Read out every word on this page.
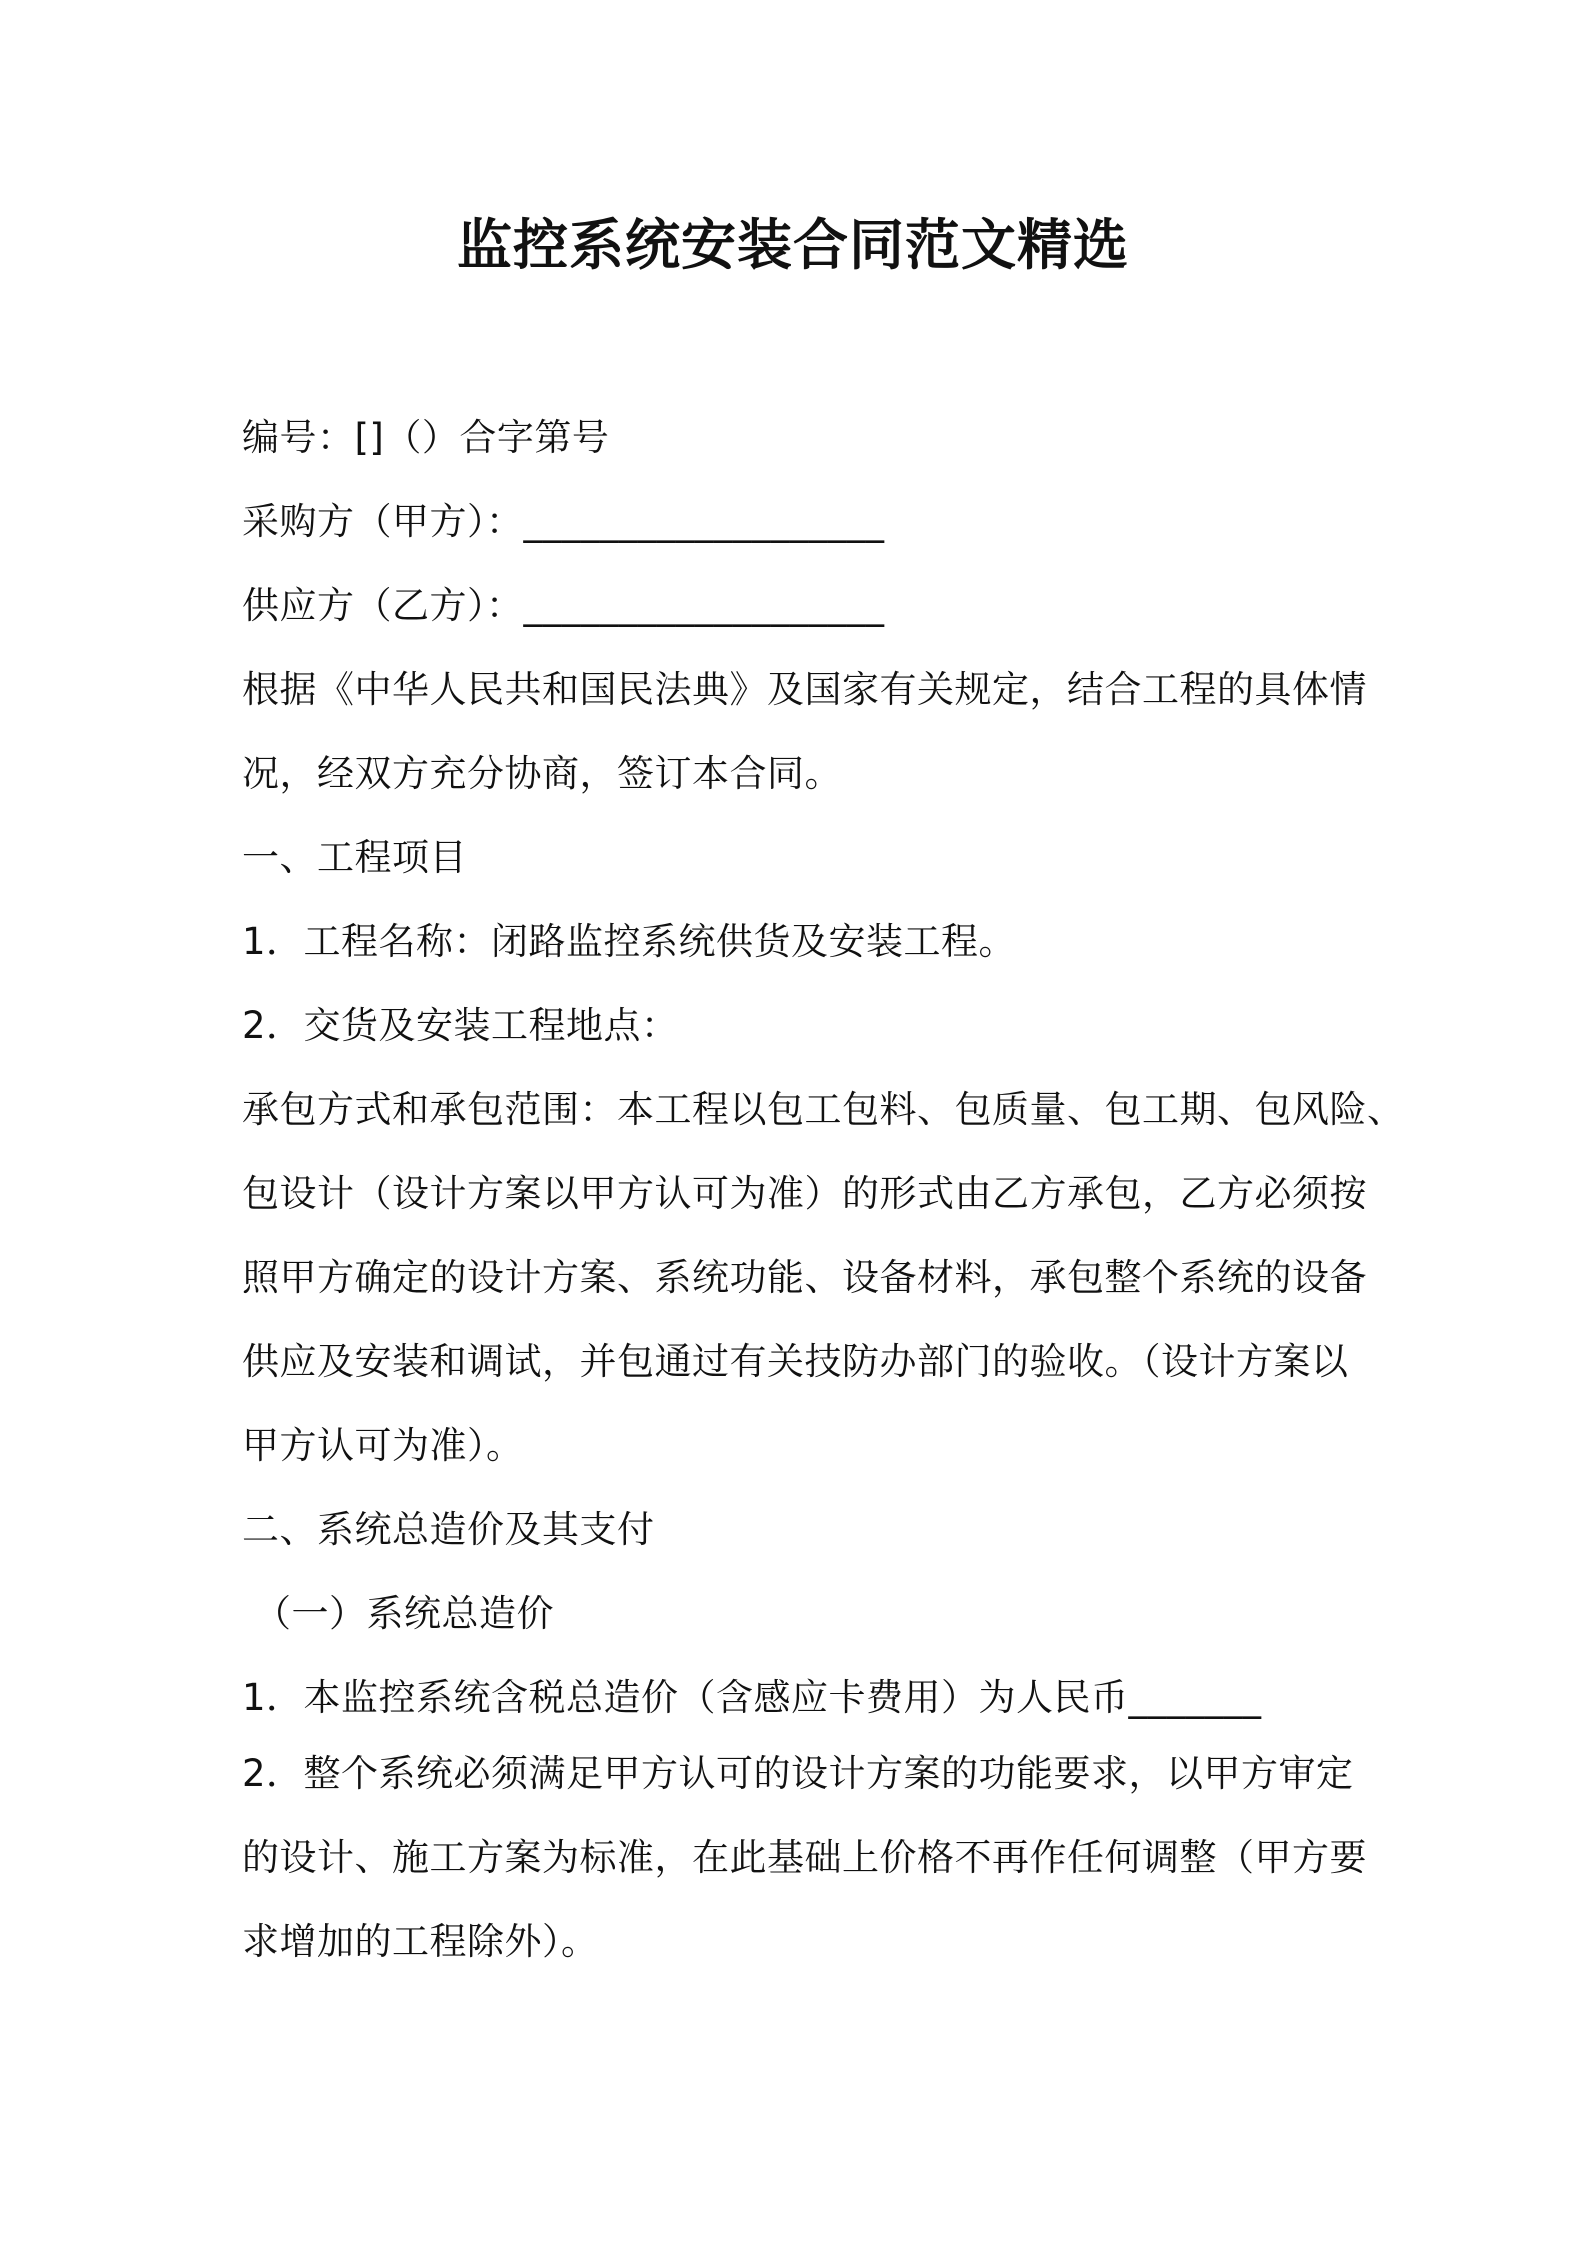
监控系统安装合同范文精选
编号：[]（）合字第号
采购方（甲方）：___________________
供应方（乙方）：___________________
根据《中华人民共和国民法典》及国家有关规定，结合工程的具体情
况，经双方充分协商，签订本合同。
一、工程项目
1．工程名称：闭路监控系统供货及安装工程。
2．交货及安装工程地点：
承包方式和承包范围：本工程以包工包料、包质量、包工期、包风险、
包设计（设计方案以甲方认可为准）的形式由乙方承包，乙方必须按
照甲方确定的设计方案、系统功能、设备材料，承包整个系统的设备
供应及安装和调试，并包通过有关技防办部门的验收。（设计方案以
甲方认可为准）。
二、系统总造价及其支付
（一）系统总造价
1．本监控系统含税总造价（含感应卡费用）为人民币_______
2．整个系统必须满足甲方认可的设计方案的功能要求，以甲方审定
的设计、施工方案为标准，在此基础上价格不再作任何调整（甲方要
求增加的工程除外）。
